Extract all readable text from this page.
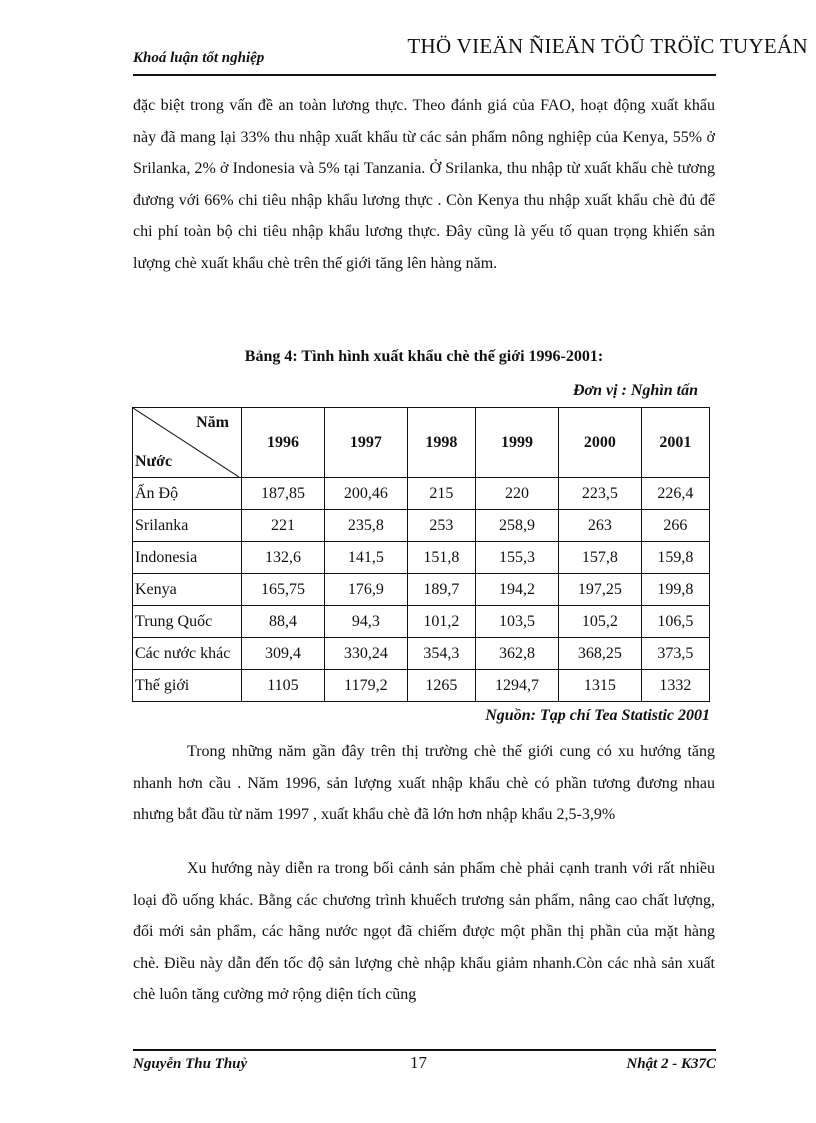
Khoá luận tốt nghiệp	THÖ VIEÄN ÑIEÄN TÖÛ TRÖÏC TUYEÁN
đặc biệt trong vấn đề an toàn lương thực. Theo đánh giá của FAO, hoạt động xuất khẩu này đã mang lại 33% thu nhập xuất khẩu từ các sản phẩm nông nghiệp của Kenya, 55% ở Srilanka, 2% ở Indonesia và 5% tại Tanzania. Ở Srilanka, thu nhập từ xuất khẩu chè tương đương với 66% chi tiêu nhập khẩu lương thực . Còn Kenya thu nhập xuất khẩu chè đủ để chi phí toàn bộ chi tiêu nhập khẩu lương thực. Đây cũng là yếu tố quan trọng khiến sản lượng chè xuất khẩu chè trên thế giới tăng lên hàng năm.
Bảng 4: Tình hình xuất khẩu chè thế giới 1996-2001:
Đơn vị : Nghìn tấn
Năm
Nước	1996	1997	1998	1999	2000	2001
Ấn Độ	187,85	200,46	215	220	223,5	226,4
Srilanka	221	235,8	253	258,9	263	266
Indonesia	132,6	141,5	151,8	155,3	157,8	159,8
Kenya	165,75	176,9	189,7	194,2	197,25	199,8
Trung Quốc	88,4	94,3	101,2	103,5	105,2	106,5
Các nước khác	309,4	330,24	354,3	362,8	368,25	373,5
Thế giới	1105	1179,2	1265	1294,7	1315	1332
Nguồn: Tạp chí Tea Statistic 2001
Trong những năm gần đây trên thị trường chè thế giới cung có xu hướng tăng nhanh hơn cầu . Năm 1996, sản lượng xuất nhập khẩu chè có phần tương đương nhau nhưng bắt đầu từ năm 1997 , xuất khẩu chè đã lớn hơn nhập khẩu 2,5-3,9%
Xu hướng này diễn ra trong bối cảnh sản phẩm chè phải cạnh tranh với rất nhiều loại đồ uống khác. Bằng các chương trình khuếch trương sản phẩm, nâng cao chất lượng, đổi mới sản phẩm, các hãng nước ngọt đã chiếm được một phần thị phần của mặt hàng chè. Điều này dẫn đến tốc độ sản lượng chè nhập khẩu giảm nhanh.Còn các nhà sản xuất chè luôn tăng cường mở rộng diện tích cũng
Nguyễn Thu Thuỷ	17	Nhật 2 - K37C
